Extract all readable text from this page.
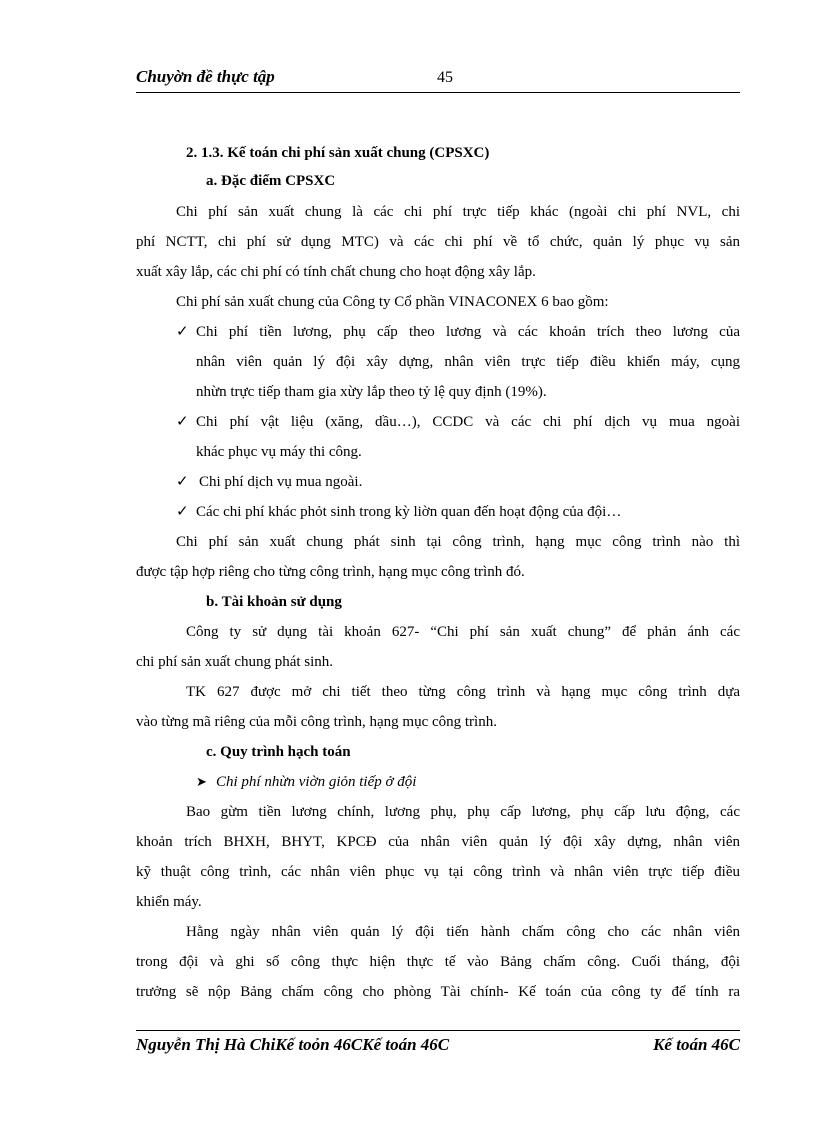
Chuyờn đề thực tập	45
2. 1.3. Kế toán chi phí sản xuất chung (CPSXC)
a. Đặc điểm CPSXC
Chi phí sản xuất chung là các chi phí trực tiếp khác (ngoài chi phí NVL, chi
phí NCTT, chi phí sử dụng MTC) và các chi phí về tổ chức, quản lý phục vụ sản
xuất xây lắp, các chi phí có tính chất chung cho hoạt động xây lắp.
Chi phí sản xuất chung của Công ty Cổ phần VINACONEX 6 bao gồm:
✓ Chi phí tiền lương, phụ cấp theo lương và các khoản trích theo lương của
nhân viên quản lý đội xây dựng, nhân viên trực tiếp điều khiển máy, cụng
nhừn trực tiếp tham gia xừy lắp theo tỷ lệ quy định (19%).
✓ Chi phí vật liệu (xăng, dầu…), CCDC và các chi phí dịch vụ mua ngoài
khác phục vụ máy thi công.
✓ Chi phí dịch vụ mua ngoài.
✓ Các chi phí khác phỏt sinh trong kỳ liờn quan đến hoạt động của đội…
Chi phí sản xuất chung phát sinh tại công trình, hạng mục công trình nào thì
được tập hợp riêng cho từng công trình, hạng mục công trình đó.
b. Tài khoản sử dụng
Công ty sử dụng tài khoản 627- “Chi phí sản xuất chung” để phản ánh các
chi phí sản xuất chung phát sinh.
TK 627 được mở chi tiết theo từng công trình và hạng mục công trình dựa
vào từng mã riêng của mỗi công trình, hạng mục công trình.
c. Quy trình hạch toán
➤ Chi phí nhừn viờn giỏn tiếp ở đội
Bao gừm tiền lương chính, lương phụ, phụ cấp lương, phụ cấp lưu động, các
khoản trích BHXH, BHYT, KPCĐ của nhân viên quản lý đội xây dựng, nhân viên
kỹ thuật công trình, các nhân viên phục vụ tại công trình và nhân viên trực tiếp điều
khiển máy.
Hằng ngày nhân viên quản lý đội tiến hành chấm công cho các nhân viên
trong đội và ghi số công thực hiện thực tế vào Bảng chấm công. Cuối tháng, đội
trưởng sẽ nộp Bảng chấm công cho phòng Tài chính- Kế toán của công ty để tính ra
Nguyễn Thị Hà ChiKế toỏn 46CKế toán 46C	Kế toán 46C
